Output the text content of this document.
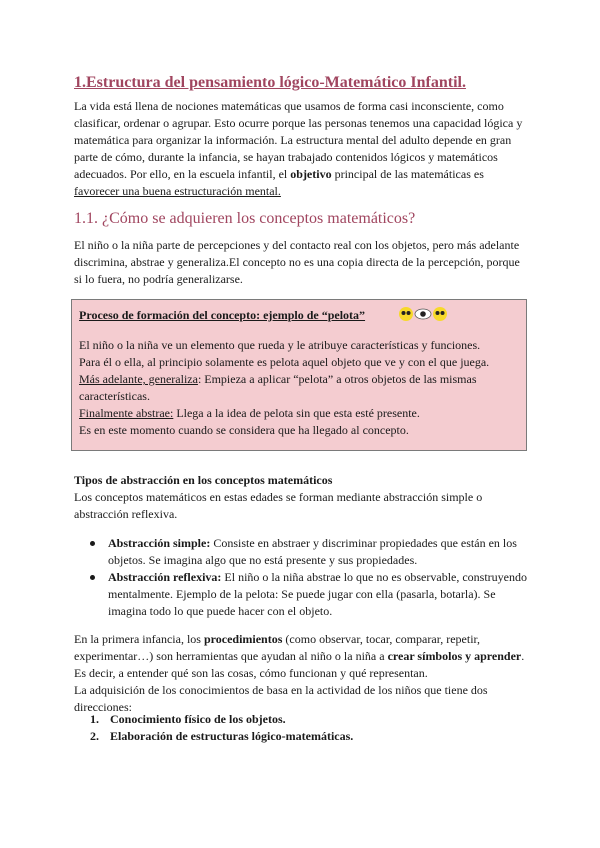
1.Estructura del pensamiento lógico-Matemático Infantil.
La vida está llena de nociones matemáticas que usamos de forma casi inconsciente, como
clasificar, ordenar o agrupar. Esto ocurre porque las personas tenemos una capacidad lógica y
matemática para organizar la información. La estructura mental del adulto depende en gran
parte de cómo, durante la infancia, se hayan trabajado contenidos lógicos y matemáticos
adecuados. Por ello, en la escuela infantil, el objetivo principal de las matemáticas es
favorecer una buena estructuración mental.
1.1. ¿Cómo se adquieren los conceptos matemáticos?
El niño o la niña parte de percepciones y del contacto real con los objetos, pero más adelante
discrimina, abstrae y generaliza.El concepto no es una copia directa de la percepción, porque
si lo fuera, no podría generalizarse.

Proceso de formación del concepto: ejemplo de “pelota”

El niño o la niña ve un elemento que rueda y le atribuye características y funciones.
Para él o ella, al principio solamente es pelota aquel objeto que ve y con el que juega.
Más adelante, generaliza: Empieza a aplicar “pelota” a otros objetos de las mismas
características.
Finalmente abstrae: Llega a la idea de pelota sin que esta esté presente.
Es en este momento cuando se considera que ha llegado al concepto.
Tipos de abstracción en los conceptos matemáticos
Los conceptos matemáticos en estas edades se forman mediante abstracción simple o
abstracción reflexiva.
Abstracción simple: Consiste en abstraer y discriminar propiedades que están en los objetos. Se imagina algo que no está presente y sus propiedades.
Abstracción reflexiva: El niño o la niña abstrae lo que no es observable, construyendo mentalmente. Ejemplo de la pelota: Se puede jugar con ella (pasarla, botarla). Se imagina todo lo que puede hacer con el objeto.
En la primera infancia, los procedimientos (como observar, tocar, comparar, repetir,
experimentar…) son herramientas que ayudan al niño o la niña a crear símbolos y aprender.
Es decir, a entender qué son las cosas, cómo funcionan y qué representan.
La adquisición de los conocimientos de basa en la actividad de los niños que tiene dos
direcciones:
1. Conocimiento físico de los objetos.
2. Elaboración de estructuras lógico-matemáticas.
